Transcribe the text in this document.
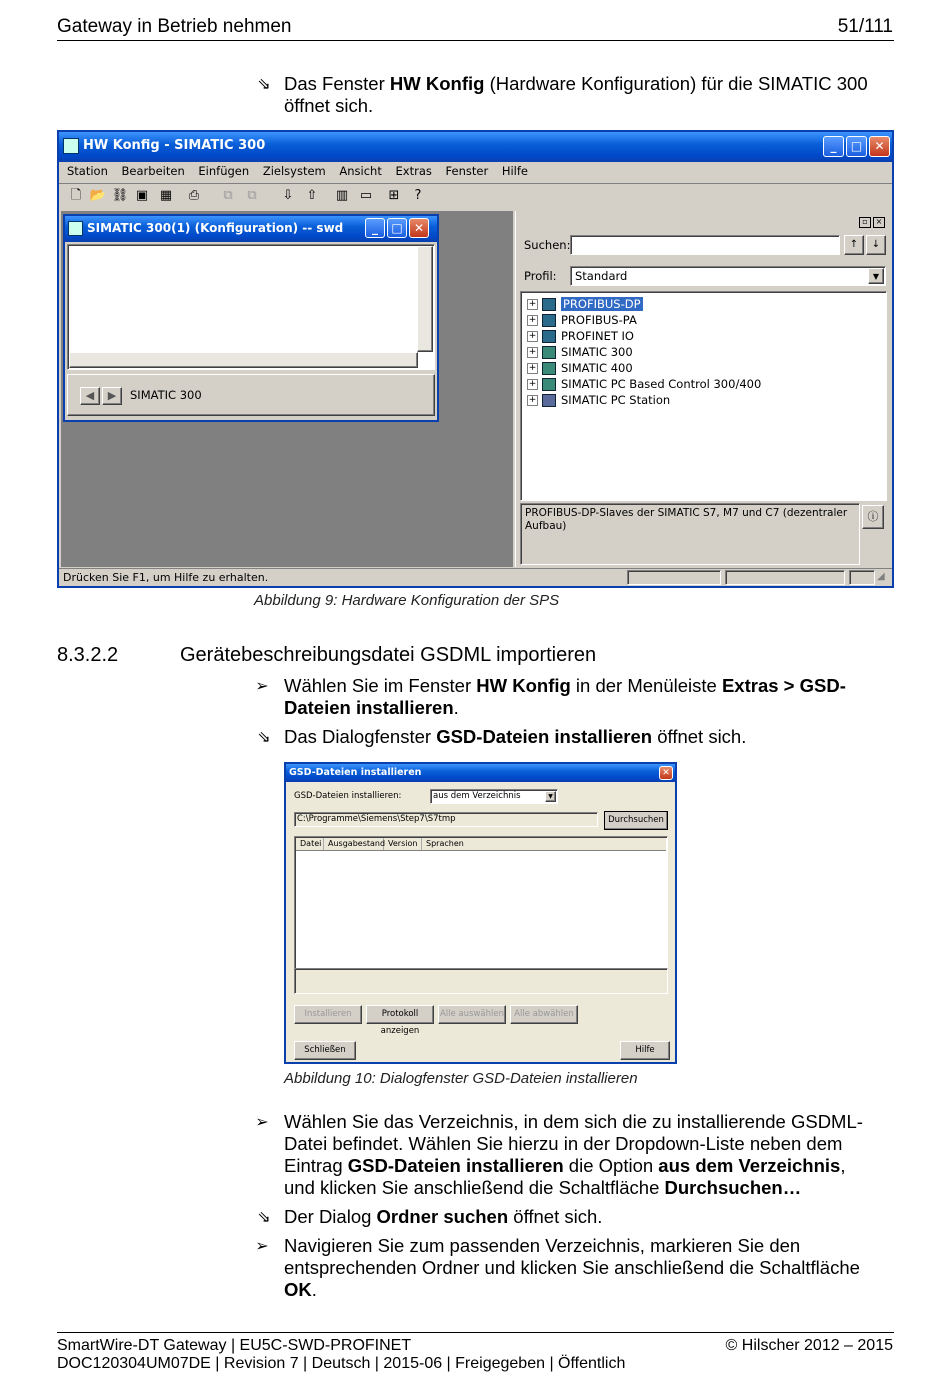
Gateway in Betrieb nehmen	51/111
⇘ Das Fenster HW Konfig (Hardware Konfiguration) für die SIMATIC 300
öffnet sich.
HW Konfig - SIMATIC 300	_	□	✕
Station Bearbeiten Einfügen Zielsystem Ansicht Extras Fenster Hilfe
🗋 📂 ⛓ ▣ ▦ ⎙	⧉	⧉	⇩ ⇧ ▥ ▭ ⊞	?
SIMATIC 300(1) (Konfiguration) -- swd	_	□ ✕
◀	▶	SIMATIC 300
▫ ×
Suchen:	↑	↓
Profil:	Standard	▼
+ PROFIBUS-DP
+ PROFIBUS-PA
+ PROFINET IO
+ SIMATIC 300
+ SIMATIC 400
+ SIMATIC PC Based Control 300/400
+ SIMATIC PC Station
PROFIBUS-DP-Slaves der SIMATIC S7, M7 und C7 (dezentraler Aufbau)
ⓘ
Drücken Sie F1, um Hilfe zu erhalten.	◢
Abbildung 9: Hardware Konfiguration der SPS
8.3.2.2	Gerätebeschreibungsdatei GSDML importieren
➢ Wählen Sie im Fenster HW Konfig in der Menüleiste Extras > GSD-
Dateien installieren.
⇘ Das Dialogfenster GSD-Dateien installieren öffnet sich.
GSD-Dateien installieren	✕
GSD-Dateien installieren:	aus dem Verzeichnis	▼
C:\Programme\Siemens\Step7\S7tmp	Durchsuchen
Datei Ausgabestand Version	Sprachen
Installieren	Protokoll anzeigen
Alle auswählen	Alle abwählen
Schließen	Hilfe
Abbildung 10: Dialogfenster GSD-Dateien installieren
➢ Wählen Sie das Verzeichnis, in dem sich die zu installierende GSDML-
Datei befindet. Wählen Sie hierzu in der Dropdown-Liste neben dem
Eintrag GSD-Dateien installieren die Option aus dem Verzeichnis,
und klicken Sie anschließend die Schaltfläche Durchsuchen…
⇘ Der Dialog Ordner suchen öffnet sich.
➢ Navigieren Sie zum passenden Verzeichnis, markieren Sie den
entsprechenden Ordner und klicken Sie anschließend die Schaltfläche
OK.
SmartWire-DT Gateway | EU5C-SWD-PROFINET	© Hilscher 2012 – 2015
DOC120304UM07DE | Revision 7 | Deutsch | 2015-06 | Freigegeben | Öffentlich
